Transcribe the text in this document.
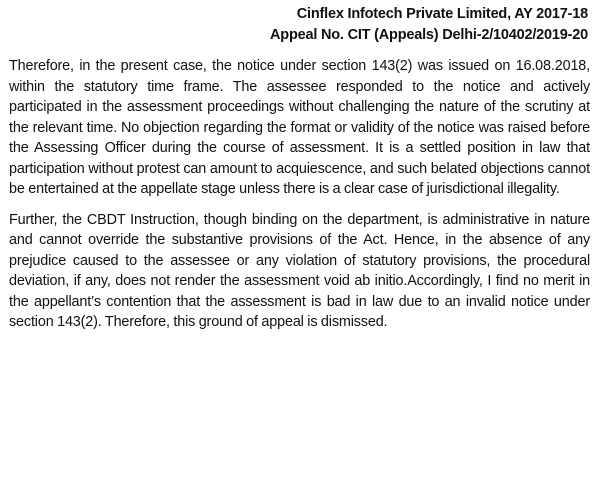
Cinflex Infotech Private Limited, AY 2017-18
Appeal No. CIT (Appeals) Delhi-2/10402/2019-20

Therefore, in the present case, the notice under section 143(2) was issued on 16.08.2018, within the statutory time frame. The assessee responded to the notice and actively participated in the assessment proceedings without challenging the nature of the scrutiny at the relevant time. No objection regarding the format or validity of the notice was raised before the Assessing Officer during the course of assessment. It is a settled position in law that participation without protest can amount to acquiescence, and such belated objections cannot be entertained at the appellate stage unless there is a clear case of jurisdictional illegality.

Further, the CBDT Instruction, though binding on the department, is administrative in nature and cannot override the substantive provisions of the Act. Hence, in the absence of any prejudice caused to the assessee or any violation of statutory provisions, the procedural deviation, if any, does not render the assessment void ab initio.Accordingly, I find no merit in the appellant’s contention that the assessment is bad in law due to an invalid notice under section 143(2). Therefore, this ground of appeal is dismissed.
